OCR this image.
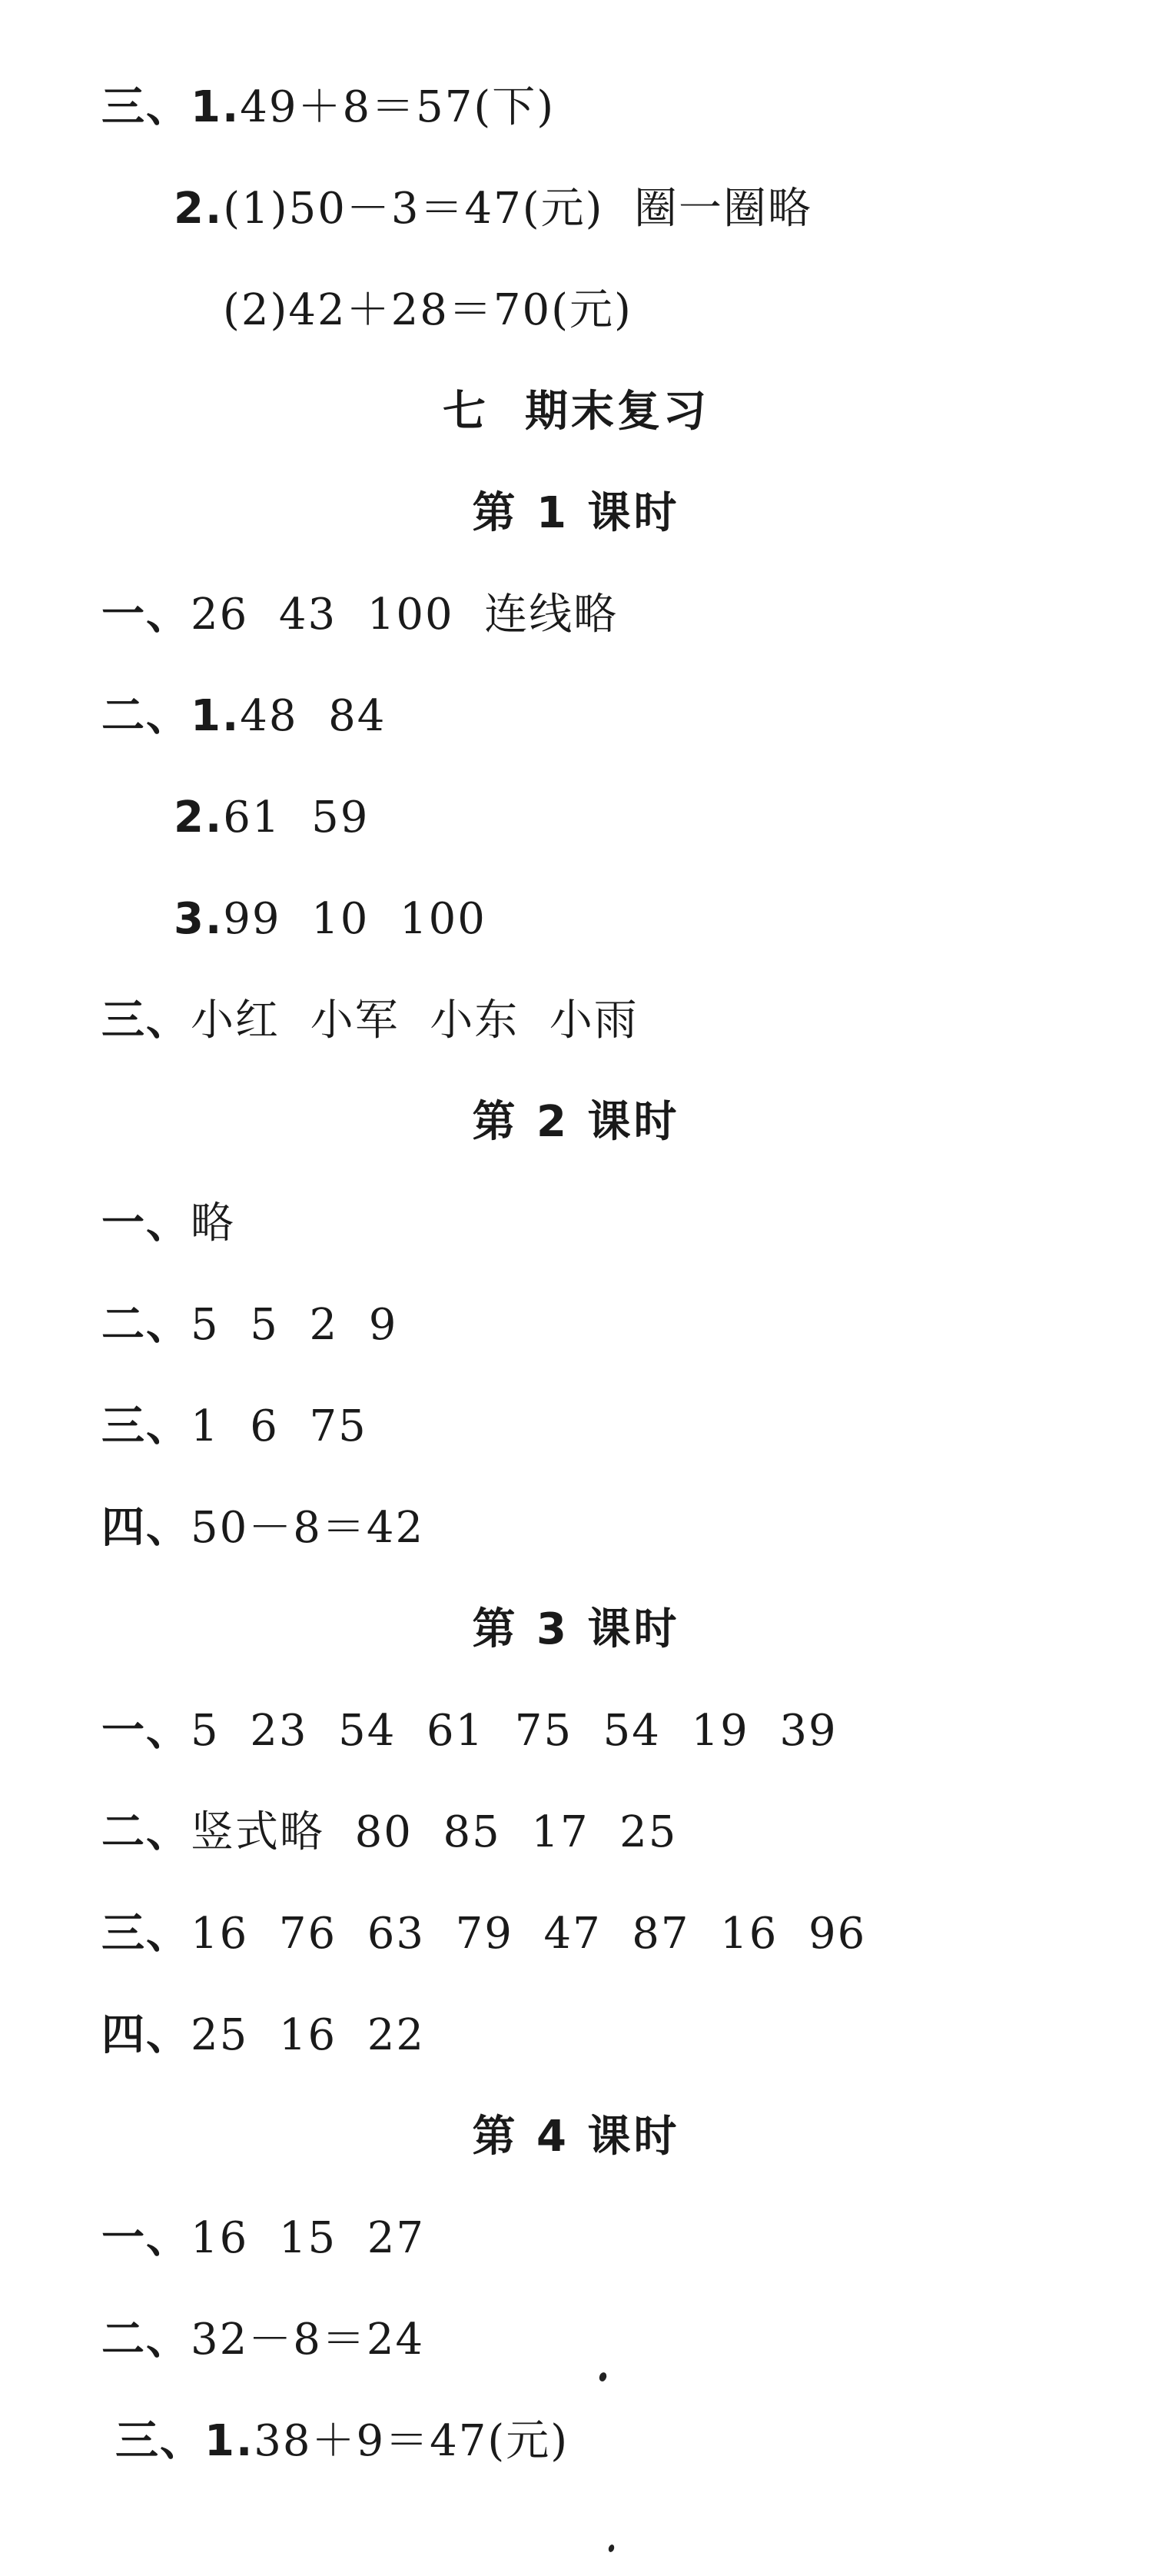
三、1.49＋8＝57(下)
2.(1)50－3＝47(元)  圈一圈略
(2)42＋28＝70(元)
七  期末复习
第 1 课时
一、26  43  100  连线略
二、1.48  84
2.61  59
3.99  10  100
三、小红  小军  小东  小雨
第 2 课时
一、略
二、5  5  2  9
三、1  6  75
四、50－8＝42
第 3 课时
一、5  23  54  61  75  54  19  39
二、竖式略  80  85  17  25
三、16  76  63  79  47  87  16  96
四、25  16  22
第 4 课时
一、16  15  27
二、32－8＝24
三、1.38＋9＝47(元)
